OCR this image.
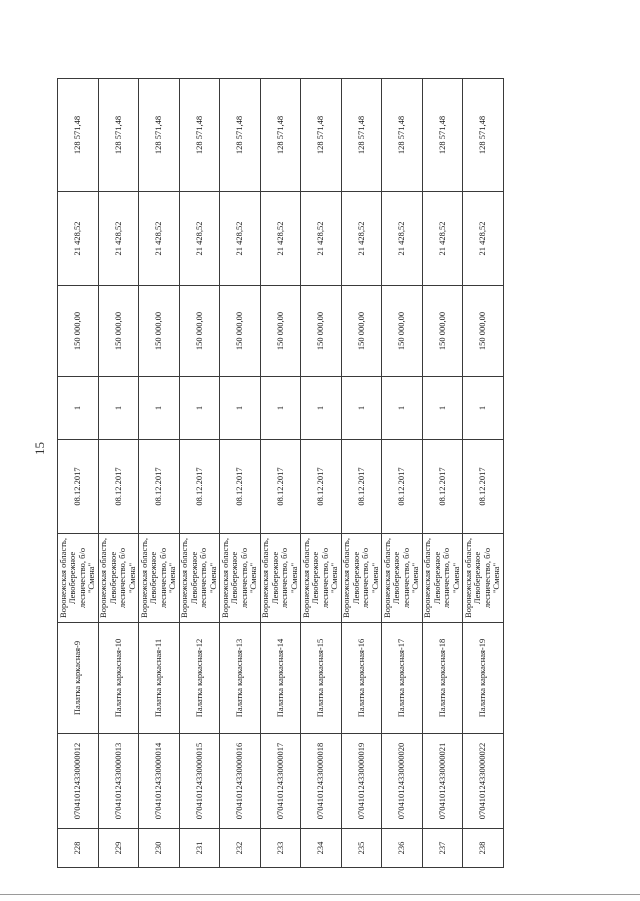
15
228	070410124330000012	Палатка каркасная-9	Воронежская область, Левобережное лесничество, б/о "Смена"	08.12.2017	1	150 000,00	21 428,52	128 571,48
229	070410124330000013	Палатка каркасная-10	Воронежская область, Левобережное лесничество, б/о "Смена"	08.12.2017	1	150 000,00	21 428,52	128 571,48
230	070410124330000014	Палатка каркасная-11	Воронежская область, Левобережное лесничество, б/о "Смена"	08.12.2017	1	150 000,00	21 428,52	128 571,48
231	070410124330000015	Палатка каркасная-12	Воронежская область, Левобережное лесничество, б/о "Смена"	08.12.2017	1	150 000,00	21 428,52	128 571,48
232	070410124330000016	Палатка каркасная-13	Воронежская область, Левобережное лесничество, б/о "Смена"	08.12.2017	1	150 000,00	21 428,52	128 571,48
233	070410124330000017	Палатка каркасная-14	Воронежская область, Левобережное лесничество, б/о "Смена"	08.12.2017	1	150 000,00	21 428,52	128 571,48
234	070410124330000018	Палатка каркасная-15	Воронежская область, Левобережное лесничество, б/о "Смена"	08.12.2017	1	150 000,00	21 428,52	128 571,48
235	070410124330000019	Палатка каркасная-16	Воронежская область, Левобережное лесничество, б/о "Смена"	08.12.2017	1	150 000,00	21 428,52	128 571,48
236	070410124330000020	Палатка каркасная-17	Воронежская область, Левобережное лесничество, б/о "Смена"	08.12.2017	1	150 000,00	21 428,52	128 571,48
237	070410124330000021	Палатка каркасная-18	Воронежская область, Левобережное лесничество, б/о "Смена"	08.12.2017	1	150 000,00	21 428,52	128 571,48
238	070410124330000022	Палатка каркасная-19	Воронежская область, Левобережное лесничество, б/о "Смена"	08.12.2017	1	150 000,00	21 428,52	128 571,48
